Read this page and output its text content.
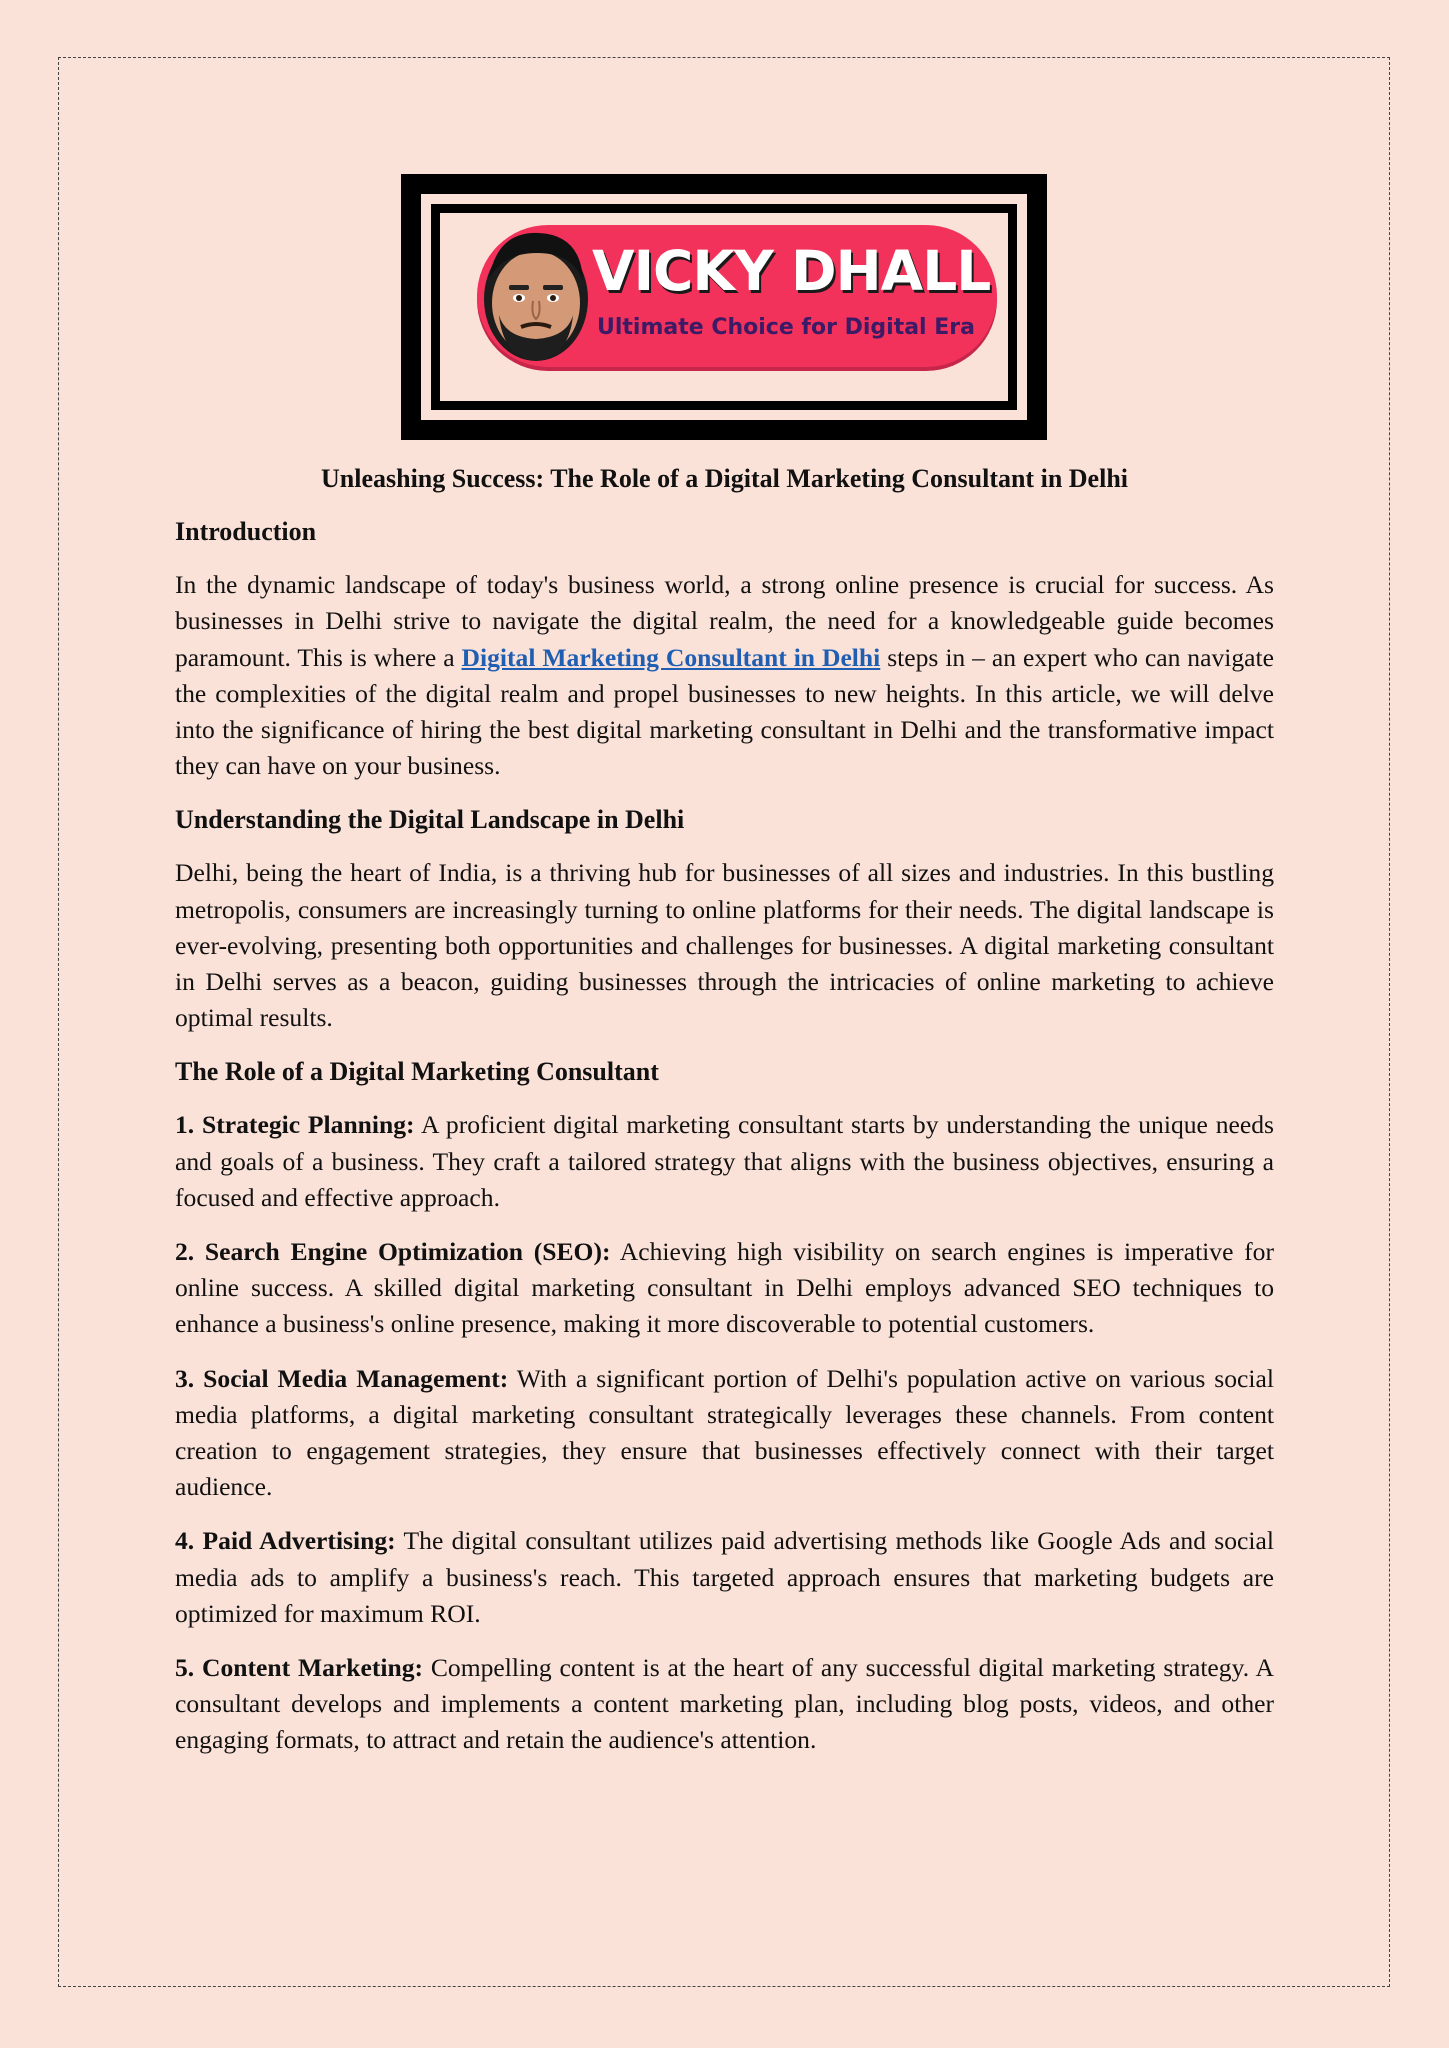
VICKY DHALL
Ultimate Choice for Digital Era
Unleashing Success: The Role of a Digital Marketing Consultant in Delhi
Introduction

In the dynamic landscape of today's business world, a strong online presence is crucial for success. As businesses in Delhi strive to navigate the digital realm, the need for a knowledgeable guide becomes paramount. This is where a Digital Marketing Consultant in Delhi steps in – an expert who can navigate the complexities of the digital realm and propel businesses to new heights. In this article, we will delve into the significance of hiring the best digital marketing consultant in Delhi and the transformative impact they can have on your business.

Understanding the Digital Landscape in Delhi

Delhi, being the heart of India, is a thriving hub for businesses of all sizes and industries. In this bustling metropolis, consumers are increasingly turning to online platforms for their needs. The digital landscape is ever-evolving, presenting both opportunities and challenges for businesses. A digital marketing consultant in Delhi serves as a beacon, guiding businesses through the intricacies of online marketing to achieve optimal results.

The Role of a Digital Marketing Consultant

1. Strategic Planning: A proficient digital marketing consultant starts by understanding the unique needs and goals of a business. They craft a tailored strategy that aligns with the business objectives, ensuring a focused and effective approach.

2. Search Engine Optimization (SEO): Achieving high visibility on search engines is imperative for online success. A skilled digital marketing consultant in Delhi employs advanced SEO techniques to enhance a business's online presence, making it more discoverable to potential customers.

3. Social Media Management: With a significant portion of Delhi's population active on various social media platforms, a digital marketing consultant strategically leverages these channels. From content creation to engagement strategies, they ensure that businesses effectively connect with their target audience.

4. Paid Advertising: The digital consultant utilizes paid advertising methods like Google Ads and social media ads to amplify a business's reach. This targeted approach ensures that marketing budgets are optimized for maximum ROI.

5. Content Marketing: Compelling content is at the heart of any successful digital marketing strategy. A consultant develops and implements a content marketing plan, including blog posts, videos, and other engaging formats, to attract and retain the audience's attention.
